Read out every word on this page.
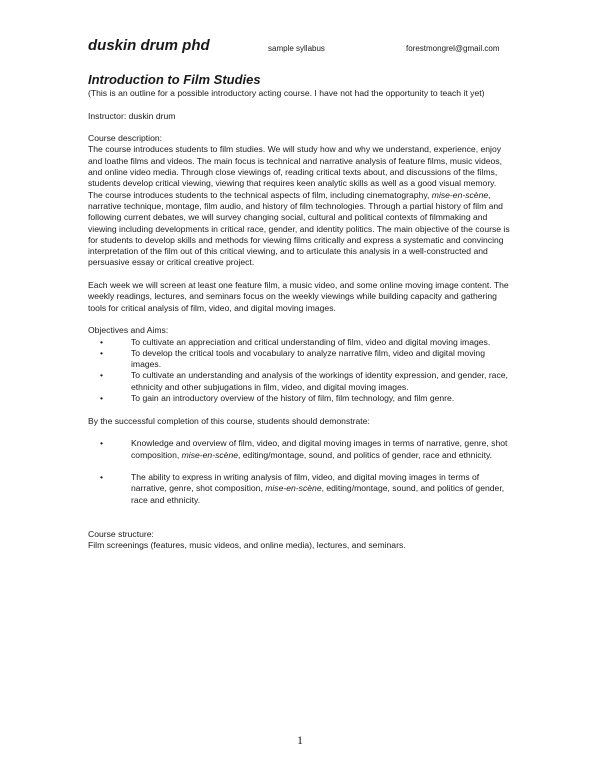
duskin drum phd	sample syllabus	forestmongrel@gmail.com
Introduction to Film Studies

(This is an outline for a possible introductory acting course. I have not had the opportunity to teach it yet)

Instructor: duskin drum

Course description:

The course introduces students to film studies. We will study how and why we understand, experience, enjoy and loathe films and videos. The main focus is technical and narrative analysis of feature films, music videos, and online video media. Through close viewings of, reading critical texts about, and discussions of the films, students develop critical viewing, viewing that requires keen analytic skills as well as a good visual memory. The course introduces students to the technical aspects of film, including cinematography, mise-en-scène, narrative technique, montage, film audio, and history of film technologies. Through a partial history of film and following current debates, we will survey changing social, cultural and political contexts of filmmaking and viewing including developments in critical race, gender, and identity politics. The main objective of the course is for students to develop skills and methods for viewing films critically and express a systematic and convincing interpretation of the film out of this critical viewing, and to articulate this analysis in a well-constructed and persuasive essay or critical creative project.

Each week we will screen at least one feature film, a music video, and some online moving image content. The weekly readings, lectures, and seminars focus on the weekly viewings while building capacity and gathering tools for critical analysis of film, video, and digital moving images.

Objectives and Aims:

• To cultivate an appreciation and critical understanding of film, video and digital moving images.
• To develop the critical tools and vocabulary to analyze narrative film, video and digital moving images.
• To cultivate an understanding and analysis of the workings of identity expression, and gender, race, ethnicity and other subjugations in film, video, and digital moving images.
• To gain an introductory overview of the history of film, film technology, and film genre.

By the successful completion of this course, students should demonstrate:

• Knowledge and overview of film, video, and digital moving images in terms of narrative, genre, shot composition, mise-en-scène, editing/montage, sound, and politics of gender, race and ethnicity.
• The ability to express in writing analysis of film, video, and digital moving images in terms of narrative, genre, shot composition, mise-en-scène, editing/montage, sound, and politics of gender, race and ethnicity.

Course structure:

Film screenings (features, music videos, and online media), lectures, and seminars.

1
